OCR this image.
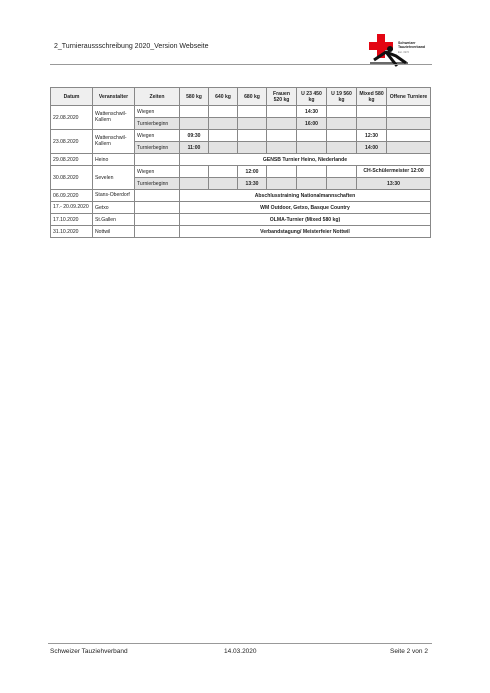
2_Turnieraussschreibung 2020_Version Webseite	Schweizer
Tauziehverband
Est. 1972
Datum	Veranstalter	Zeiten	580 kg	640 kg	680 kg	Frauen 520 kg	U 23 450 kg	U 19 560 kg	Mixed 580 kg	Offene Turniere
22.08.2020	Wattenschwil-Kallern	Wiegen					14:30			
		Turnierbeginn					16:00			
23.08.2020	Wattenschwil-Kallern	Wiegen	09:30						12:30	
		Turnierbeginn	11:00						14:00	
29.08.2020	Heino		GENSB Turnier Heino, Niederlande							
30.08.2020	Sevelen	Wiegen			12:00				CH-Schülermeister 12:00	
		Turnierbeginn			13:30				13:30	
06.09.2020	Stans-Oberdorf		Abschlusstraining Nationalmannschaften							
17.- 20.09.2020	Getxo		WM Outdoor, Getxo, Basque Country							
17.10.2020	St.Gallen		OLMA-Turnier (Mixed 580 kg)							
31.10.2020	Nottwil		Verbandstagung/ Meisterfeier Nottwil							
Schweizer Tauziehverband	14.03.2020	Seite 2 von 2
